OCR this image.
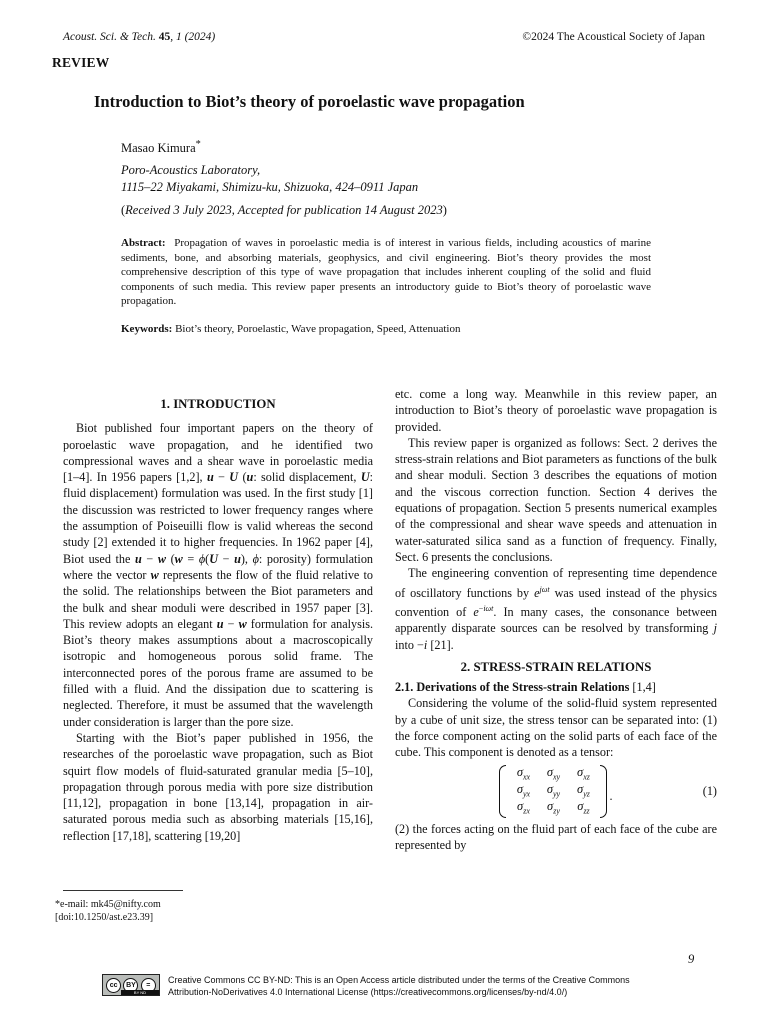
Acoust. Sci. & Tech. 45, 1 (2024)	©2024 The Acoustical Society of Japan
REVIEW
Introduction to Biot’s theory of poroelastic wave propagation
Masao Kimura*
Poro-Acoustics Laboratory,
1115–22 Miyakami, Shimizu-ku, Shizuoka, 424–0911 Japan
(Received 3 July 2023, Accepted for publication 14 August 2023)
Abstract: Propagation of waves in poroelastic media is of interest in various fields, including acoustics of marine sediments, bone, and absorbing materials, geophysics, and civil engineering. Biot’s theory provides the most comprehensive description of this type of wave propagation that includes inherent coupling of the solid and fluid components of such media. This review paper presents an introductory guide to Biot’s theory of poroelastic wave propagation.
Keywords: Biot’s theory, Poroelastic, Wave propagation, Speed, Attenuation
1. INTRODUCTION

Biot published four important papers on the theory of poroelastic wave propagation, and he identified two compressional waves and a shear wave in poroelastic media [1–4]. In 1956 papers [1,2], u − U (u: solid displacement, U: fluid displacement) formulation was used. In the first study [1] the discussion was restricted to lower frequency ranges where the assumption of Poiseuilli flow is valid whereas the second study [2] extended it to higher frequencies. In 1962 paper [4], Biot used the u − w (w = ϕ(U − u), ϕ: porosity) formulation where the vector w represents the flow of the fluid relative to the solid. The relationships between the Biot parameters and the bulk and shear moduli were described in 1957 paper [3]. This review adopts an elegant u − w formulation for analysis. Biot’s theory makes assumptions about a macroscopically isotropic and homogeneous porous solid frame. The interconnected pores of the porous frame are assumed to be filled with a fluid. And the dissipation due to scattering is neglected. Therefore, it must be assumed that the wavelength under consideration is larger than the pore size.

Starting with the Biot’s paper published in 1956, the researches of the poroelastic wave propagation, such as Biot squirt flow models of fluid-saturated granular media [5–10], propagation through porous media with pore size distribution [11,12], propagation in bone [13,14], propagation in air-saturated porous media such as absorbing materials [15,16], reflection [17,18], scattering [19,20]

etc. come a long way. Meanwhile in this review paper, an introduction to Biot’s theory of poroelastic wave propagation is provided.

This review paper is organized as follows: Sect. 2 derives the stress-strain relations and Biot parameters as functions of the bulk and shear moduli. Section 3 describes the equations of motion and the viscous correction function. Section 4 derives the equations of propagation. Section 5 presents numerical examples of the compressional and shear wave speeds and attenuation in water-saturated silica sand as a function of frequency. Finally, Sect. 6 presents the conclusions.

The engineering convention of representing time dependence of oscillatory functions by $e^{j\omega t}$ was used instead of the physics convention of $e^{-i\omega t}$. In many cases, the consonance between apparently disparate sources can be resolved by transforming j into −i [21].

2. STRESS-STRAIN RELATIONS
2.1. Derivations of the Stress-strain Relations [1,4]

Considering the volume of the solid-fluid system represented by a cube of unit size, the stress tensor can be separated into: (1) the force component acting on the solid parts of each face of the cube. This component is denoted as a tensor:

$\sigma_{xx}$	$\sigma_{xy}$	$\sigma_{xz}$
$\sigma_{yx}$	$\sigma_{yy}$	$\sigma_{yz}$
$\sigma_{zx}$	$\sigma_{zy}$	$\sigma_{zz}$
.	(1)

(2) the forces acting on the fluid part of each face of the cube are represented by

*e-mail: mk45@nifty.com
[doi:10.1250/ast.e23.39]
9
cc	BY	=
BY ND
Creative Commons CC BY-ND: This is an Open Access article distributed under the terms of the Creative Commons
Attribution-NoDerivatives 4.0 International License (https://creativecommons.org/licenses/by-nd/4.0/)
